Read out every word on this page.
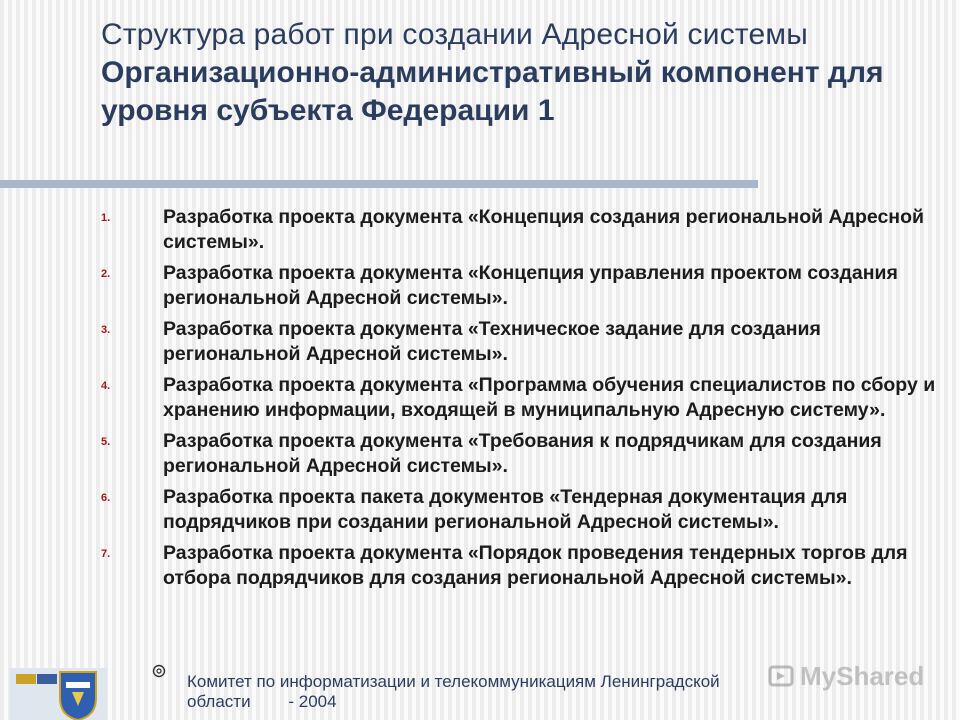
Структура работ при создании Адресной системы
Организационно-административный компонент для уровня субъекта Федерации 1
1.	Разработка проекта документа «Концепция создания региональной Адресной системы».
2.	Разработка проекта документа «Концепция управления проектом создания региональной Адресной системы».
3.	Разработка проекта документа «Техническое задание для создания региональной Адресной системы».
4.	Разработка проекта документа «Программа обучения специалистов по сбору и хранению информации, входящей в муниципальную Адресную систему».
5.	Разработка проекта документа «Требования к подрядчикам для создания региональной Адресной системы».
6.	Разработка проекта пакета документов «Тендерная документация для подрядчиков при создании региональной Адресной системы».
7.	Разработка проекта документа «Порядок проведения тендерных торгов для отбора подрядчиков для создания региональной Адресной системы».
Комитет по информатизации и телекоммуникациям Ленинградской
области        - 2004
MyShared
